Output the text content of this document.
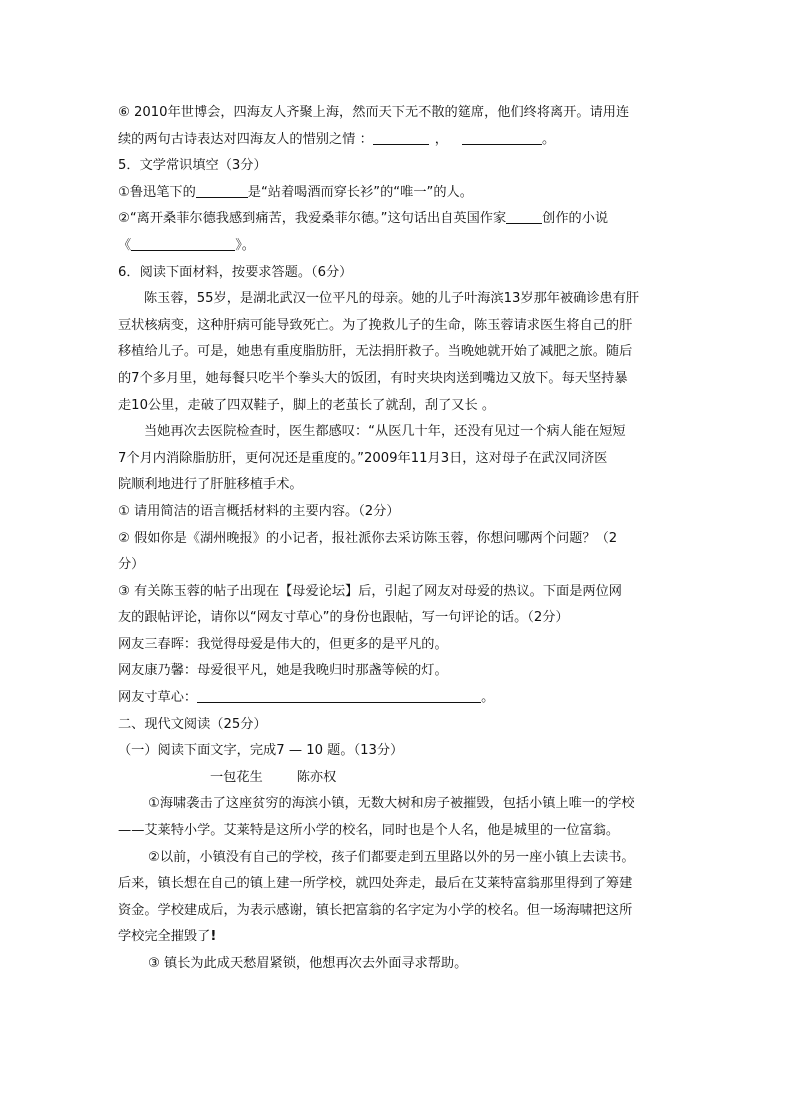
⑥ 2010年世博会，四海友人齐聚上海，然而天下无不散的筵席，他们终将离开。请用连
续的两句古诗表达对四海友人的惜别之情 ：	，	。
5．文学常识填空（3分）
①鲁迅笔下的	是“站着喝酒而穿长衫”的“唯一”的人。
②“离开桑菲尔德我感到痛苦，我爱桑菲尔德。”这句话出自英国作家	创作的小说
《	》。
6．阅读下面材料，按要求答题。（6分）
陈玉蓉，55岁，是湖北武汉一位平凡的母亲。她的儿子叶海滨13岁那年被确诊患有肝
豆状核病变，这种肝病可能导致死亡。为了挽救儿子的生命，陈玉蓉请求医生将自己的肝
移植给儿子。可是，她患有重度脂肪肝，无法捐肝救子。当晚她就开始了减肥之旅。随后
的7个多月里，她每餐只吃半个拳头大的饭团，有时夹块肉送到嘴边又放下。每天坚持暴
走10公里，走破了四双鞋子，脚上的老茧长了就刮，刮了又长 。
当她再次去医院检查时，医生都感叹：“从医几十年，还没有见过一个病人能在短短
7个月内消除脂肪肝，更何况还是重度的。”2009年11月3日，这对母子在武汉同济医
院顺利地进行了肝脏移植手术。
① 请用简洁的语言概括材料的主要内容。（2分）
② 假如你是《湖州晚报》的小记者，报社派你去采访陈玉蓉，你想问哪两个问题？（2
分）
③ 有关陈玉蓉的帖子出现在【母爱论坛】后，引起了网友对母爱的热议。下面是两位网
友的跟帖评论，请你以“网友寸草心”的身份也跟帖，写一句评论的话。（2分）
网友三春晖：我觉得母爱是伟大的，但更多的是平凡的。
网友康乃馨：母爱很平凡，她是我晚归时那盏等候的灯。
网友寸草心：	。
二、现代文阅读（25分）
（一）阅读下面文字，完成7 — 10 题。（13分）
一包花生	陈亦权
①海啸袭击了这座贫穷的海滨小镇，无数大树和房子被摧毁，包括小镇上唯一的学校
——艾莱特小学。艾莱特是这所小学的校名，同时也是个人名，他是城里的一位富翁。
②以前，小镇没有自己的学校，孩子们都要走到五里路以外的另一座小镇上去读书。
后来，镇长想在自己的镇上建一所学校，就四处奔走，最后在艾莱特富翁那里得到了筹建
资金。学校建成后，为表示感谢，镇长把富翁的名字定为小学的校名。但一场海啸把这所
学校完全摧毁了!
③ 镇长为此成天愁眉紧锁，他想再次去外面寻求帮助。
